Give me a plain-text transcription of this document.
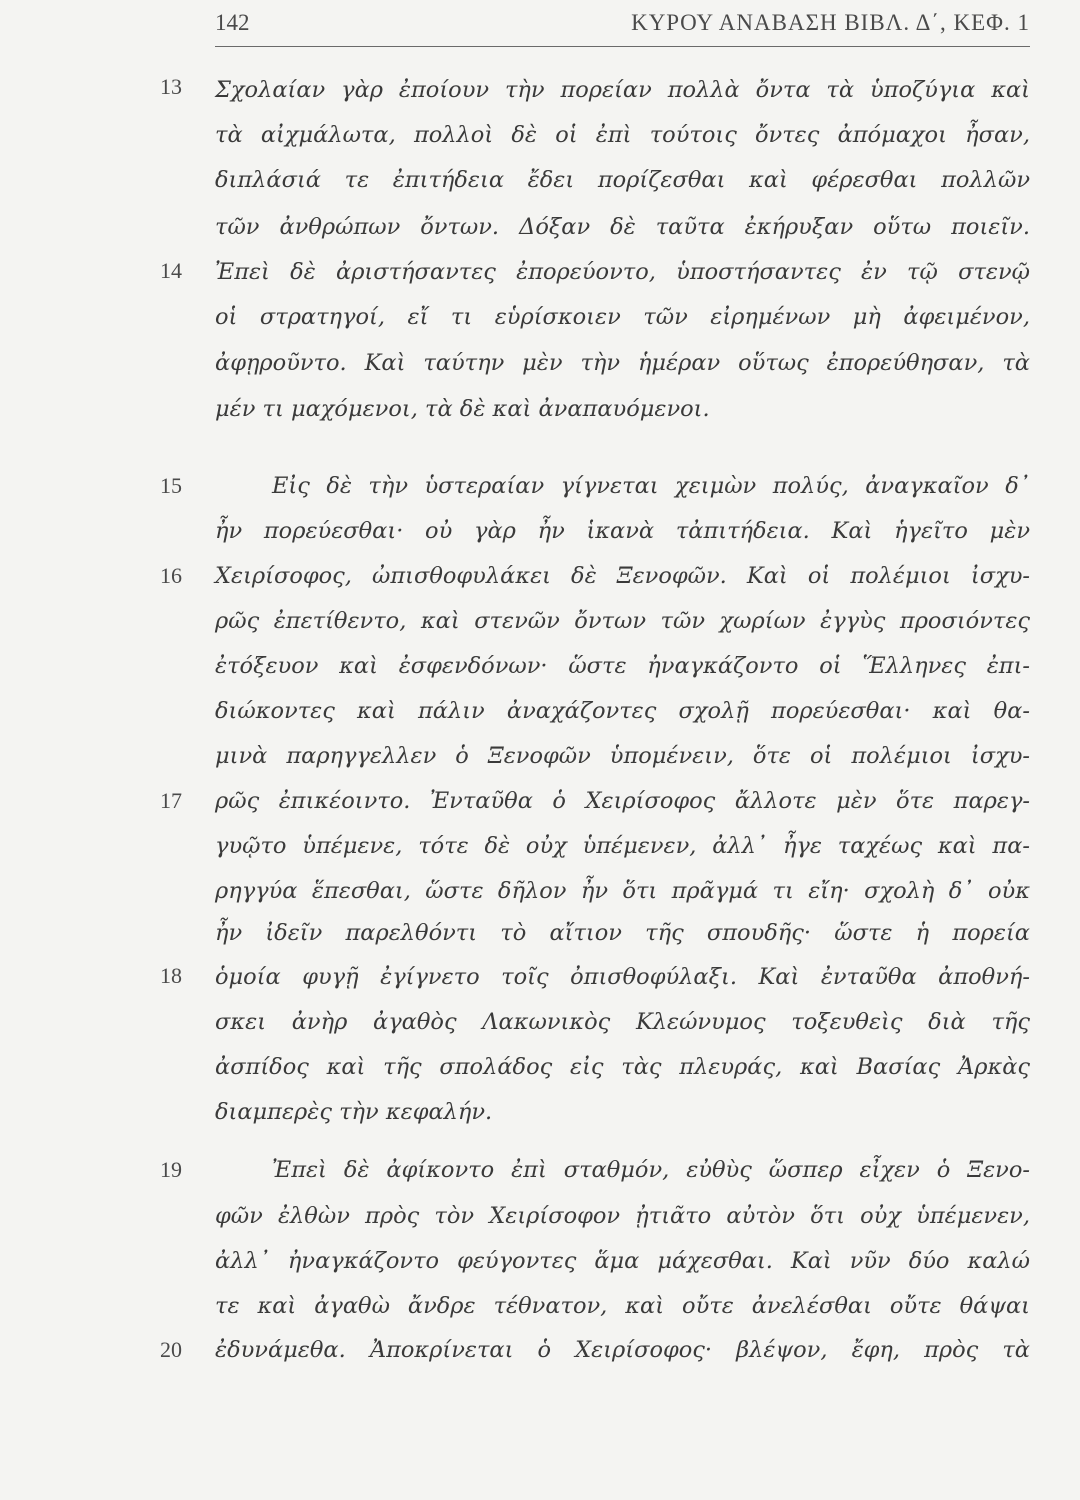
142	ΚΥΡΟΥ ΑΝΑΒΑΣΗ ΒΙΒΛ. Δ΄, ΚΕΦ. 1
13
14
15
16
17
18
19
20
Σχολαίαν γὰρ ἐποίουν τὴν πορείαν πολλὰ ὄντα τὰ ὑποζύγια καὶ
τὰ αἰχμάλωτα, πολλοὶ δὲ οἱ ἐπὶ τούτοις ὄντες ἀπόμαχοι ἦσαν,
διπλάσιά τε ἐπιτήδεια ἔδει πορίζεσθαι καὶ φέρεσθαι πολλῶν
τῶν ἀνθρώπων ὄντων. Δόξαν δὲ ταῦτα ἐκήρυξαν οὕτω ποιεῖν.
Ἐπεὶ δὲ ἀριστήσαντες ἐπορεύοντο, ὑποστήσαντες ἐν τῷ στενῷ
οἱ στρατηγοί, εἴ τι εὑρίσκοιεν τῶν εἰρημένων μὴ ἀφειμένον,
ἀφῃροῦντο. Καὶ ταύτην μὲν τὴν ἡμέραν οὕτως ἐπορεύθησαν, τὰ
μέν τι μαχόμενοι, τὰ δὲ καὶ ἀναπαυόμενοι.
Εἰς δὲ τὴν ὑστεραίαν γίγνεται χειμὼν πολύς, ἀναγκαῖον δ᾽
ἦν πορεύεσθαι· οὐ γὰρ ἦν ἱκανὰ τἀπιτήδεια. Καὶ ἡγεῖτο μὲν
Χειρίσοφος, ὠπισθοφυλάκει δὲ Ξενοφῶν. Καὶ οἱ πολέμιοι ἰσχυ-
ρῶς ἐπετίθεντο, καὶ στενῶν ὄντων τῶν χωρίων ἐγγὺς προσιόντες
ἐτόξευον καὶ ἐσφενδόνων· ὥστε ἠναγκάζοντο οἱ Ἕλληνες ἐπι-
διώκοντες καὶ πάλιν ἀναχάζοντες σχολῇ πορεύεσθαι· καὶ θα-
μινὰ παρηγγελλεν ὁ Ξενοφῶν ὑπομένειν, ὅτε οἱ πολέμιοι ἰσχυ-
ρῶς ἐπικέοιντο. Ἐνταῦθα ὁ Χειρίσοφος ἄλλοτε μὲν ὅτε παρεγ-
γυῷτο ὑπέμενε, τότε δὲ οὐχ ὑπέμενεν, ἀλλ᾽ ἦγε ταχέως καὶ πα-
ρηγγύα ἕπεσθαι, ὥστε δῆλον ἦν ὅτι πρᾶγμά τι εἴη· σχολὴ δ᾽ οὐκ
ἦν ἰδεῖν παρελθόντι τὸ αἴτιον τῆς σπουδῆς· ὥστε ἡ πορεία
ὁμοία φυγῇ ἐγίγνετο τοῖς ὀπισθοφύλαξι. Καὶ ἐνταῦθα ἀποθνή-
σκει ἀνὴρ ἀγαθὸς Λακωνικὸς Κλεώνυμος τοξευθεὶς διὰ τῆς
ἀσπίδος καὶ τῆς σπολάδος εἰς τὰς πλευράς, καὶ Βασίας Ἀρκὰς
διαμπερὲς τὴν κεφαλήν.
Ἐπεὶ δὲ ἀφίκοντο ἐπὶ σταθμόν, εὐθὺς ὥσπερ εἶχεν ὁ Ξενο-
φῶν ἐλθὼν πρὸς τὸν Χειρίσοφον ᾐτιᾶτο αὐτὸν ὅτι οὐχ ὑπέμενεν,
ἀλλ᾽ ἠναγκάζοντο φεύγοντες ἅμα μάχεσθαι. Καὶ νῦν δύο καλώ
τε καὶ ἀγαθὼ ἄνδρε τέθνατον, καὶ οὔτε ἀνελέσθαι οὔτε θάψαι
ἐδυνάμεθα. Ἀποκρίνεται ὁ Χειρίσοφος· βλέψον, ἔφη, πρὸς τὰ
